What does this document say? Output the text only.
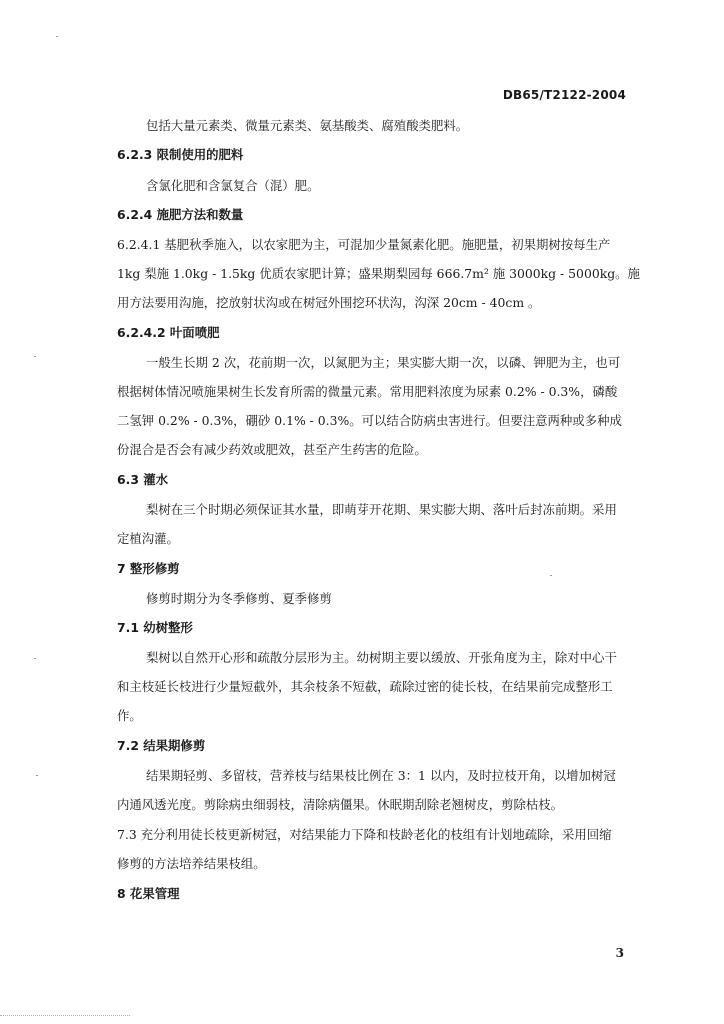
DB65/T2122-2004
包括大量元素类、微量元素类、氨基酸类、腐殖酸类肥料。
6.2.3 限制使用的肥料
含氯化肥和含氯复合（混）肥。
6.2.4 施肥方法和数量
6.2.4.1 基肥秋季施入，以农家肥为主，可混加少量氮素化肥。施肥量，初果期树按每生产
1kg 梨施 1.0kg - 1.5kg 优质农家肥计算；盛果期梨园每 666.7m² 施 3000kg - 5000kg。施
用方法要用沟施，挖放射状沟或在树冠外围挖环状沟，沟深 20cm - 40cm 。
6.2.4.2 叶面喷肥
一般生长期 2 次，花前期一次，以氮肥为主；果实膨大期一次，以磷、钾肥为主，也可
根据树体情况喷施果树生长发育所需的微量元素。常用肥料浓度为尿素 0.2% - 0.3%，磷酸
二氢钾 0.2% - 0.3%，硼砂 0.1% - 0.3%。可以结合防病虫害进行。但要注意两种或多种成
份混合是否会有减少药效或肥效，甚至产生药害的危险。
6.3 灌水
梨树在三个时期必须保证其水量，即萌芽开花期、果实膨大期、落叶后封冻前期。采用
定植沟灌。
7 整形修剪
修剪时期分为冬季修剪、夏季修剪
7.1 幼树整形
梨树以自然开心形和疏散分层形为主。幼树期主要以缓放、开张角度为主，除对中心干
和主枝延长枝进行少量短截外，其余枝条不短截，疏除过密的徒长枝，在结果前完成整形工
作。
7.2 结果期修剪
结果期轻剪、多留枝，营养枝与结果枝比例在 3：1 以内，及时拉枝开角，以增加树冠
内通风透光度。剪除病虫细弱枝，清除病僵果。休眠期刮除老翘树皮，剪除枯枝。
7.3 充分利用徒长枝更新树冠，对结果能力下降和枝龄老化的枝组有计划地疏除，采用回缩
修剪的方法培养结果枝组。
8 花果管理
3
